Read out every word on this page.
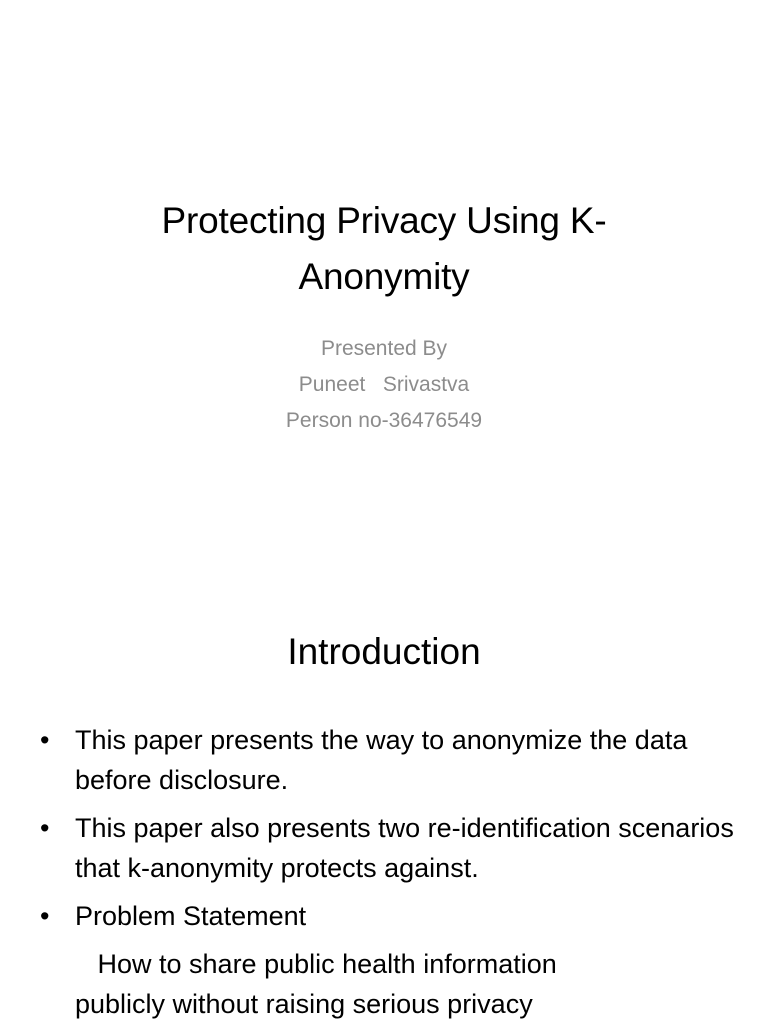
Protecting Privacy Using K-
Anonymity
Presented By
Puneet   Srivastva
Person no-36476549
Introduction
• This paper presents the way to anonymize the data before disclosure.
• This paper also presents two re-identification scenarios that k-anonymity protects against.
• Problem Statement
How to share public health information
publicly without raising serious privacy
